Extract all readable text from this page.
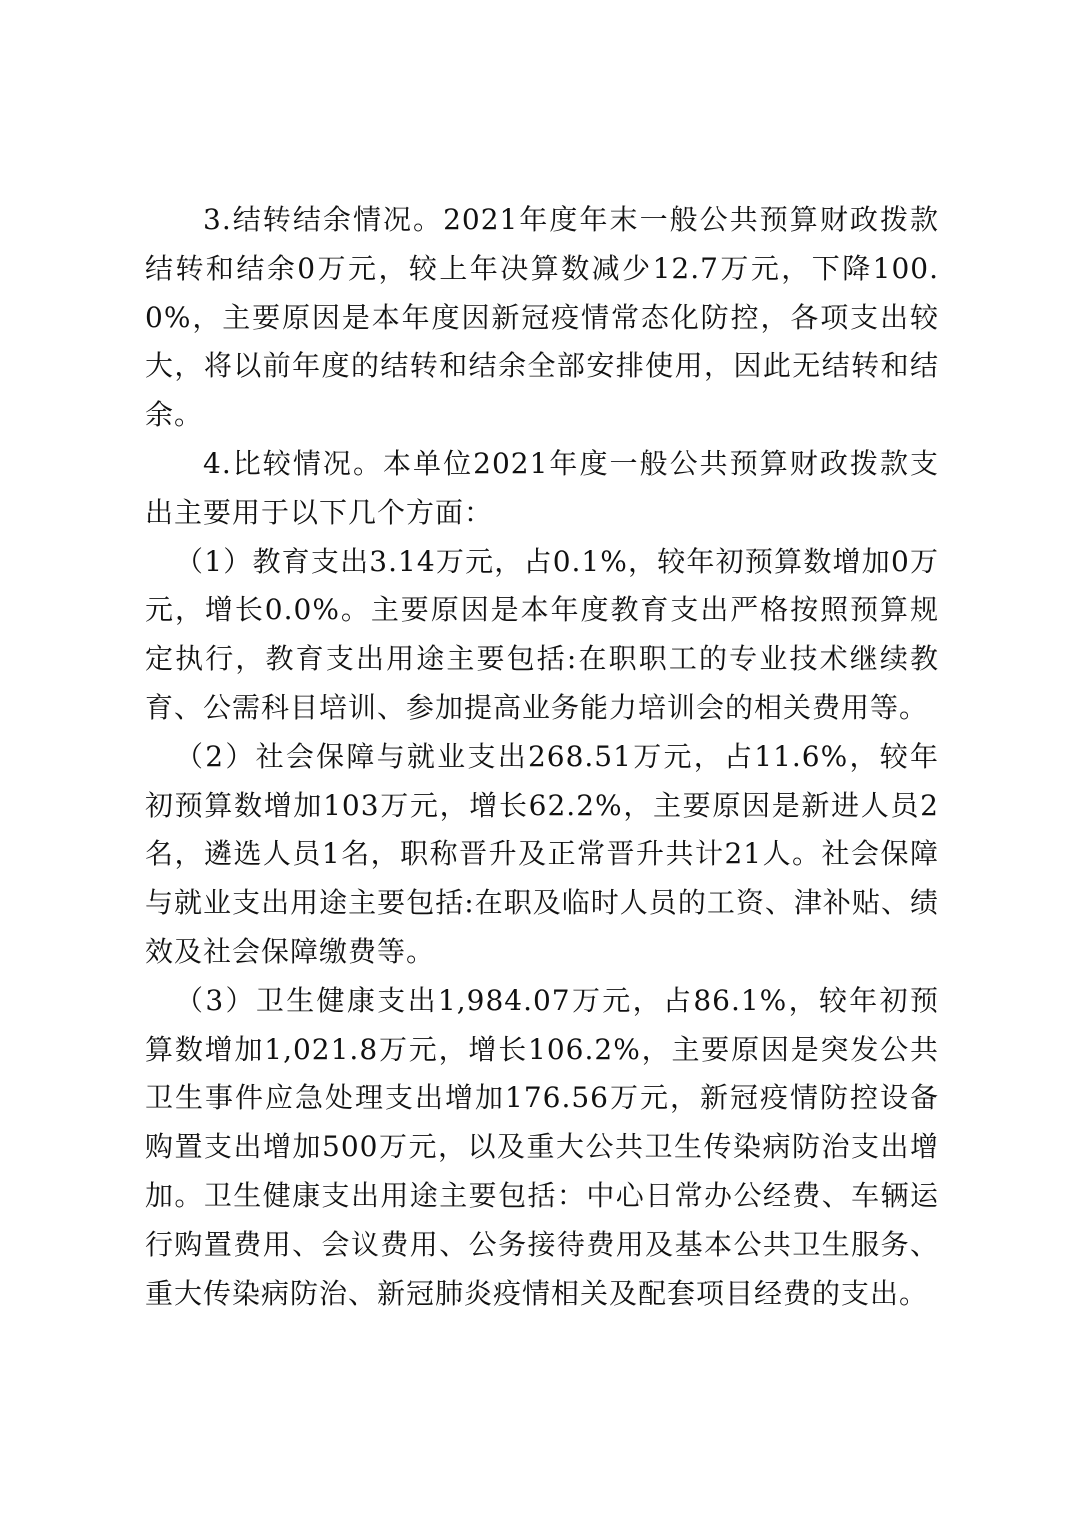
3.结转结余情况。2021年度年末一般公共预算财政拨款结转和结余0万元，较上年决算数减少12.7万元，下降100.0%，主要原因是本年度因新冠疫情常态化防控，各项支出较大，将以前年度的结转和结余全部安排使用，因此无结转和结余。

4.比较情况。本单位2021年度一般公共预算财政拨款支出主要用于以下几个方面：

（1）教育支出3.14万元，占0.1%，较年初预算数增加0万元，增长0.0%。主要原因是本年度教育支出严格按照预算规定执行，教育支出用途主要包括:在职职工的专业技术继续教育、公需科目培训、参加提高业务能力培训会的相关费用等。

（2）社会保障与就业支出268.51万元，占11.6%，较年初预算数增加103万元，增长62.2%，主要原因是新进人员2名，遴选人员1名，职称晋升及正常晋升共计21人。社会保障与就业支出用途主要包括:在职及临时人员的工资、津补贴、绩效及社会保障缴费等。

（3）卫生健康支出1,984.07万元，占86.1%，较年初预算数增加1,021.8万元，增长106.2%，主要原因是突发公共卫生事件应急处理支出增加176.56万元，新冠疫情防控设备购置支出增加500万元，以及重大公共卫生传染病防治支出增加。卫生健康支出用途主要包括：中心日常办公经费、车辆运行购置费用、会议费用、公务接待费用及基本公共卫生服务、重大传染病防治、新冠肺炎疫情相关及配套项目经费的支出。
